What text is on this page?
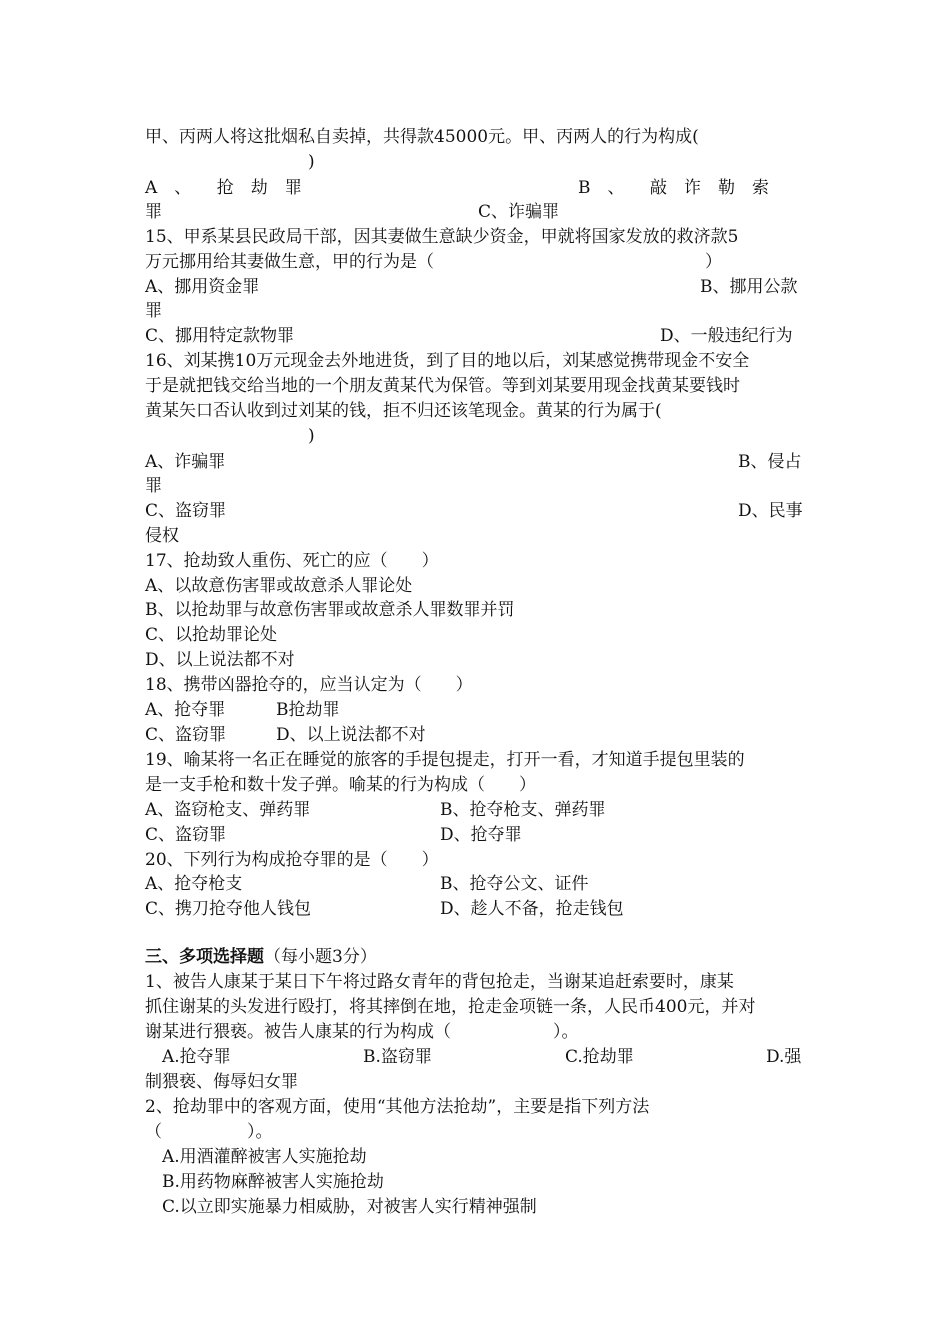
甲、丙两人将这批烟私自卖掉，共得款45000元。甲、丙两人的行为构成(
)
A　、　　抢　劫　罪	B　、　　敲　诈　勒　索
罪	C、诈骗罪
15、甲系某县民政局干部，因其妻做生意缺少资金，甲就将国家发放的救济款5
万元挪用给其妻做生意，甲的行为是（	）
A、挪用资金罪	B、挪用公款
罪
C、挪用特定款物罪	D、一般违纪行为
16、刘某携10万元现金去外地进货，到了目的地以后，刘某感觉携带现金不安全
于是就把钱交给当地的一个朋友黄某代为保管。等到刘某要用现金找黄某要钱时
黄某矢口否认收到过刘某的钱，拒不归还该笔现金。黄某的行为属于(
)
A、诈骗罪	B、侵占
罪
C、盗窃罪	D、民事
侵权
17、抢劫致人重伤、死亡的应（　　）
A、以故意伤害罪或故意杀人罪论处
B、以抢劫罪与故意伤害罪或故意杀人罪数罪并罚
C、以抢劫罪论处
D、以上说法都不对
18、携带凶器抢夺的，应当认定为（　　）
A、抢夺罪	B抢劫罪
C、盗窃罪	D、以上说法都不对
19、喻某将一名正在睡觉的旅客的手提包提走，打开一看，才知道手提包里装的
是一支手枪和数十发子弹。喻某的行为构成（　　）
A、盗窃枪支、弹药罪	B、抢夺枪支、弹药罪
C、盗窃罪	D、抢夺罪
20、下列行为构成抢夺罪的是（　　）
A、抢夺枪支	B、抢夺公文、证件
C、携刀抢夺他人钱包	D、趁人不备，抢走钱包
三、多项选择题（每小题3分）
1、被告人康某于某日下午将过路女青年的背包抢走，当谢某追赶索要时，康某
抓住谢某的头发进行殴打，将其摔倒在地，抢走金项链一条，人民币400元，并对
谢某进行猥亵。被告人康某的行为构成（　　　　　　）。
A.抢夺罪	B.盗窃罪	C.抢劫罪	D.强
制猥亵、侮辱妇女罪
2、抢劫罪中的客观方面，使用“其他方法抢劫”，主要是指下列方法
（　　　　　）。
A.用酒灌醉被害人实施抢劫
B.用药物麻醉被害人实施抢劫
C.以立即实施暴力相威胁，对被害人实行精神强制
